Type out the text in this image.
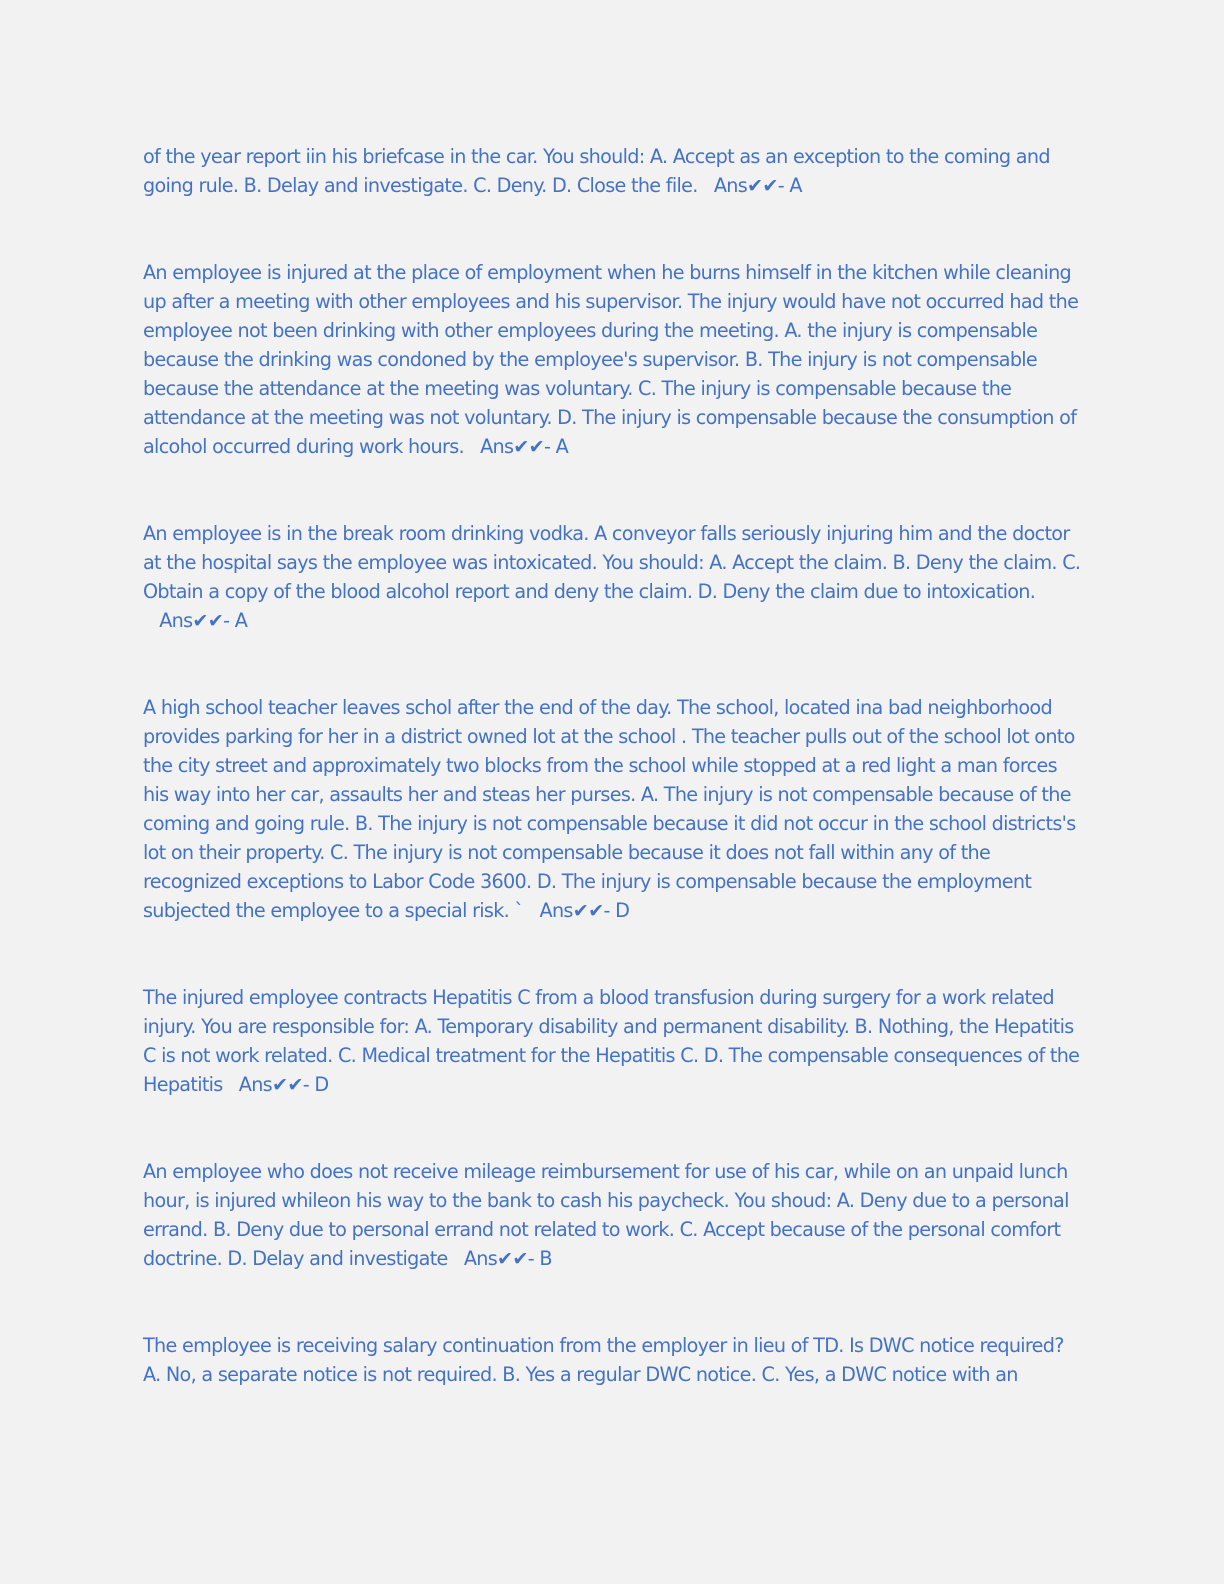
of the year report iin his briefcase in the car. You should: A. Accept as an exception to the coming and going rule. B. Delay and investigate. C. Deny. D. Close the file. Ans✔✔- A

An employee is injured at the place of employment when he burns himself in the kitchen while cleaning up after a meeting with other employees and his supervisor. The injury would have not occurred had the employee not been drinking with other employees during the meeting. A. the injury is compensable because the drinking was condoned by the employee's supervisor. B. The injury is not compensable because the attendance at the meeting was voluntary. C. The injury is compensable because the attendance at the meeting was not voluntary. D. The injury is compensable because the consumption of alcohol occurred during work hours. Ans✔✔- A

An employee is in the break room drinking vodka. A conveyor falls seriously injuring him and the doctor at the hospital says the employee was intoxicated. You should: A. Accept the claim. B. Deny the claim. C. Obtain a copy of the blood alcohol report and deny the claim. D. Deny the claim due to intoxication.   Ans✔✔- A

A high school teacher leaves schol after the end of the day. The school, located ina bad neighborhood provides parking for her in a district owned lot at the school . The teacher pulls out of the school lot onto the city street and approximately two blocks from the school while stopped at a red light a man forces his way into her car, assaults her and steas her purses. A. The injury is not compensable because of the coming and going rule. B. The injury is not compensable because it did not occur in the school districts's lot on their property. C. The injury is not compensable because it does not fall within any of the recognized exceptions to Labor Code 3600. D. The injury is compensable because the employment subjected the employee to a special risk. ` Ans✔✔- D

The injured employee contracts Hepatitis C from a blood transfusion during surgery for a work related injury. You are responsible for: A. Temporary disability and permanent disability. B. Nothing, the Hepatitis C is not work related. C. Medical treatment for the Hepatitis C. D. The compensable consequences of the Hepatitis Ans✔✔- D

An employee who does not receive mileage reimbursement for use of his car, while on an unpaid lunch hour, is injured whileon his way to the bank to cash his paycheck. You shoud: A. Deny due to a personal errand. B. Deny due to personal errand not related to work. C. Accept because of the personal comfort doctrine. D. Delay and investigate Ans✔✔- B

The employee is receiving salary continuation from the employer in lieu of TD. Is DWC notice required? A. No, a separate notice is not required. B. Yes a regular DWC notice. C. Yes, a DWC notice with an
